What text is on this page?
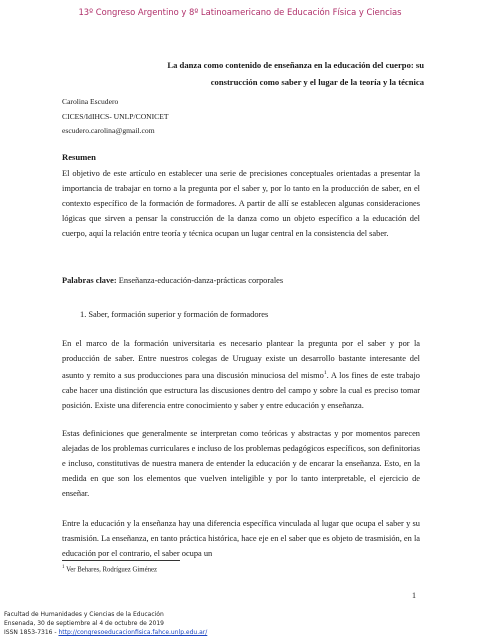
13º Congreso Argentino y 8º Latinoamericano de Educación Física y Ciencias
La danza como contenido de enseñanza en la educación del cuerpo: su
construcción como saber y el lugar de la teoría y la técnica
Carolina Escudero
CICES/IdIHCS- UNLP/CONICET
escudero.carolina@gmail.com
Resumen
El objetivo de este artículo en establecer una serie de precisiones conceptuales orientadas a presentar la importancia de trabajar en torno a la pregunta por el saber y, por lo tanto en la producción de saber, en el contexto específico de la formación de formadores. A partir de allí se establecen algunas consideraciones lógicas que sirven a pensar la construcción de la danza como un objeto específico a la educación del cuerpo, aquí la relación entre teoría y técnica ocupan un lugar central en la consistencia del saber.
Palabras clave: Enseñanza-educación-danza-prácticas corporales
1. Saber, formación superior y formación de formadores
En el marco de la formación universitaria es necesario plantear la pregunta por el saber y por la producción de saber. Entre nuestros colegas de Uruguay existe un desarrollo bastante interesante del asunto y remito a sus producciones para una discusión minuciosa del mismo$^1$. A los fines de este trabajo cabe hacer una distinción que estructura las discusiones dentro del campo y sobre la cual es preciso tomar posición. Existe una diferencia entre conocimiento y saber y entre educación y enseñanza.
Estas definiciones que generalmente se interpretan como teóricas y abstractas y por momentos parecen alejadas de los problemas curriculares e incluso de los problemas pedagógicos específicos, son definitorias e incluso, constitutivas de nuestra manera de entender la educación y de encarar la enseñanza. Esto, en la medida en que son los elementos que vuelven inteligible y por lo tanto interpretable, el ejercicio de enseñar.
Entre la educación y la enseñanza hay una diferencia específica vinculada al lugar que ocupa el saber y su trasmisión. La enseñanza, en tanto práctica histórica, hace eje en el saber que es objeto de trasmisión, en la educación por el contrario, el saber ocupa un
$^1$ Ver Behares, Rodríguez Giménez
1
Facultad de Humanidades y Ciencias de la Educación
Ensenada, 30 de septiembre al 4 de octubre de 2019
ISSN 1853-7316 - http://congresoeducacionfisica.fahce.unlp.edu.ar/
